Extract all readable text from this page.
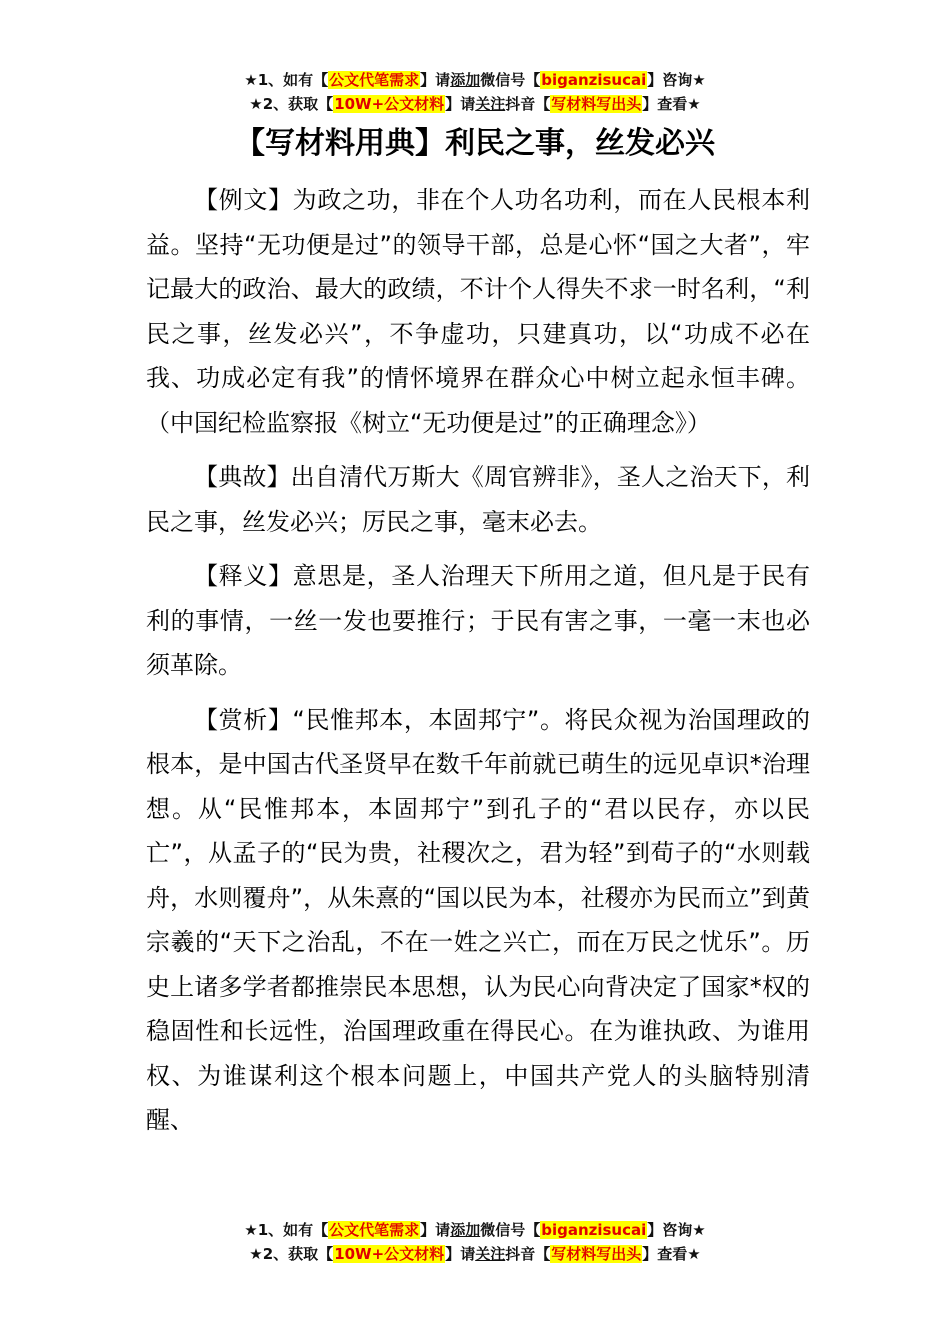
★1、如有【公文代笔需求】请添加微信号【biganzisucai】咨询★
★2、获取【10W+公文材料】请关注抖音【写材料写出头】查看★
【写材料用典】利民之事，丝发必兴

【例文】为政之功，非在个人功名功利，而在人民根本利益。坚持“无功便是过”的领导干部，总是心怀“国之大者”，牢记最大的政治、最大的政绩，不计个人得失不求一时名利，“利民之事，丝发必兴”，不争虚功，只建真功，以“功成不必在我、功成必定有我”的情怀境界在群众心中树立起永恒丰碑。（中国纪检监察报《树立“无功便是过”的正确理念》）

【典故】出自清代万斯大《周官辨非》，圣人之治天下，利民之事，丝发必兴；厉民之事，毫末必去。

【释义】意思是，圣人治理天下所用之道，但凡是于民有利的事情，一丝一发也要推行；于民有害之事，一毫一末也必须革除。

【赏析】“民惟邦本，本固邦宁”。将民众视为治国理政的根本，是中国古代圣贤早在数千年前就已萌生的远见卓识*治理想。从“民惟邦本，本固邦宁”到孔子的“君以民存，亦以民亡”，从孟子的“民为贵，社稷次之，君为轻”到荀子的“水则载舟，水则覆舟”，从朱熹的“国以民为本，社稷亦为民而立”到黄宗羲的“天下之治乱，不在一姓之兴亡，而在万民之忧乐”。历史上诸多学者都推崇民本思想，认为民心向背决定了国家*权的稳固性和长远性，治国理政重在得民心。在为谁执政、为谁用权、为谁谋利这个根本问题上，中国共产党人的头脑特别清醒、

★1、如有【公文代笔需求】请添加微信号【biganzisucai】咨询★
★2、获取【10W+公文材料】请关注抖音【写材料写出头】查看★
